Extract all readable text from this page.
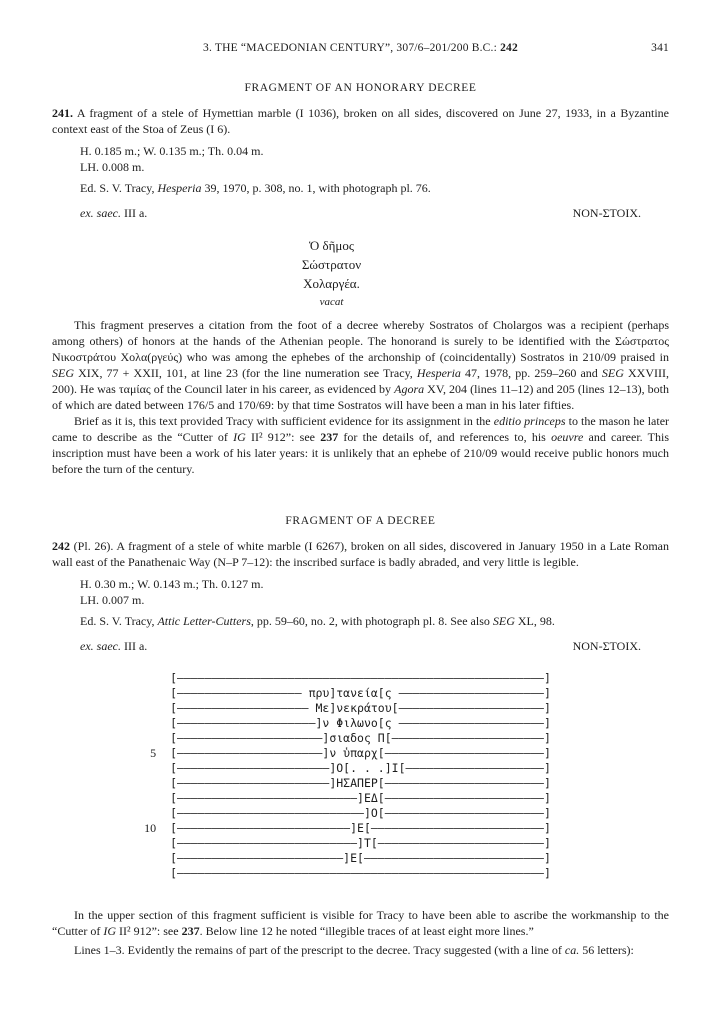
3. THE “MACEDONIAN CENTURY”, 307/6–201/200 B.C.: 242	341
FRAGMENT OF AN HONORARY DECREE

241. A fragment of a stele of Hymettian marble (I 1036), broken on all sides, discovered on June 27, 1933, in a Byzantine context east of the Stoa of Zeus (I 6).

H. 0.185 m.; W. 0.135 m.; Th. 0.04 m.

LH. 0.008 m.

Ed. S. V. Tracy, Hesperia 39, 1970, p. 308, no. 1, with photograph pl. 76.

ex. saec. III a.	NON-ΣΤΟΙΧ.
Ὁ δῆμος
Σώστρατον
Χολαργέα.
vacat

This fragment preserves a citation from the foot of a decree whereby Sostratos of Cholargos was a recipient (perhaps among others) of honors at the hands of the Athenian people. The honorand is surely to be identified with the Σώστρατος Νικοστράτου Χολα(ργεύς) who was among the ephebes of the archonship of (coincidentally) Sostratos in 210/09 praised in SEG XIX, 77 + XXII, 101, at line 23 (for the line numeration see Tracy, Hesperia 47, 1978, pp. 259–260 and SEG XXVIII, 200). He was ταμίας of the Council later in his career, as evidenced by Agora XV, 204 (lines 11–12) and 205 (lines 12–13), both of which are dated between 176/5 and 170/69: by that time Sostratos will have been a man in his later fifties.

Brief as it is, this text provided Tracy with sufficient evidence for its assignment in the editio princeps to the mason he later came to describe as the “Cutter of IG II² 912”: see 237 for the details of, and references to, his oeuvre and career. This inscription must have been a work of his later years: it is unlikely that an ephebe of 210/09 would receive public honors much before the turn of the century.

FRAGMENT OF A DECREE

242 (Pl. 26). A fragment of a stele of white marble (I 6267), broken on all sides, discovered in January 1950 in a Late Roman wall east of the Panathenaic Way (N–P 7–12): the inscribed surface is badly abraded, and very little is legible.

H. 0.30 m.; W. 0.143 m.; Th. 0.127 m.

LH. 0.007 m.

Ed. S. V. Tracy, Attic Letter-Cutters, pp. 59–60, no. 2, with photograph pl. 8. See also SEG XL, 98.

ex. saec. III a.	NON-ΣΤΟΙΧ.
[–––––––––––––––––––––––––––––––––––––––––––––––––––––]
[–––––––––––––––––– πρυ]τανεία[ς –––––––––––––––––––––]
[––––––––––––––––––– Με]νεκράτου[–––––––––––––––––––––]
[––––––––––––––––––––]ν Φιλωνο[ς –––––––––––––––––––––]
[–––––––––––––––––––––]σιαδος Π[––––––––––––––––––––––]
5 [–––––––––––––––––––––]ν ὑπαρχ[–––––––––––––––––––––––]
[––––––––––––––––––––––]Ο[. . .]Ι[––––––––––––––––––––]
[––––––––––––––––––––––]ΗΣΑΠΕΡ[–––––––––––––––––––––––]
[––––––––––––––––––––––––––]ΕΔ[–––––––––––––––––––––––]
[–––––––––––––––––––––––––––]Ο[–––––––––––––––––––––––]
10 [–––––––––––––––––––––––––]Ε[–––––––––––––––––––––––––]
[––––––––––––––––––––––––––]Τ[––––––––––––––––––––––––]
[––––––––––––––––––––––––]Ε[––––––––––––––––––––––––––]
[–––––––––––––––––––––––––––––––––––––––––––––––––––––]

In the upper section of this fragment sufficient is visible for Tracy to have been able to ascribe the workmanship to the “Cutter of IG II² 912”: see 237. Below line 12 he noted “illegible traces of at least eight more lines.”

Lines 1–3. Evidently the remains of part of the prescript to the decree. Tracy suggested (with a line of ca. 56 letters):
